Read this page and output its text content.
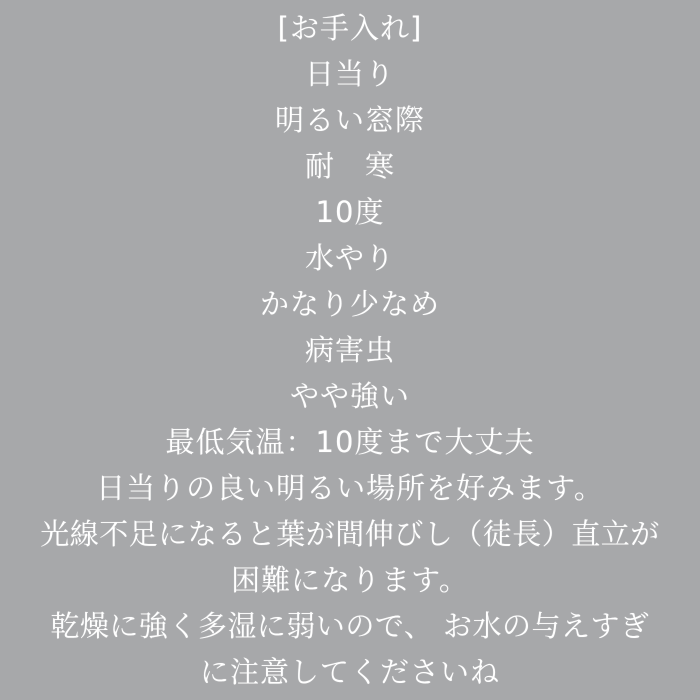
[お手入れ]
日当り
明るい窓際
耐　寒
10度
水やり
かなり少なめ
病害虫
やや強い
最低気温：10度まで大丈夫
日当りの良い明るい場所を好みます。
光線不足になると葉が間伸びし（徒長）直立が
困難になります。
乾燥に強く多湿に弱いので、 お水の与えすぎ
に注意してくださいね
